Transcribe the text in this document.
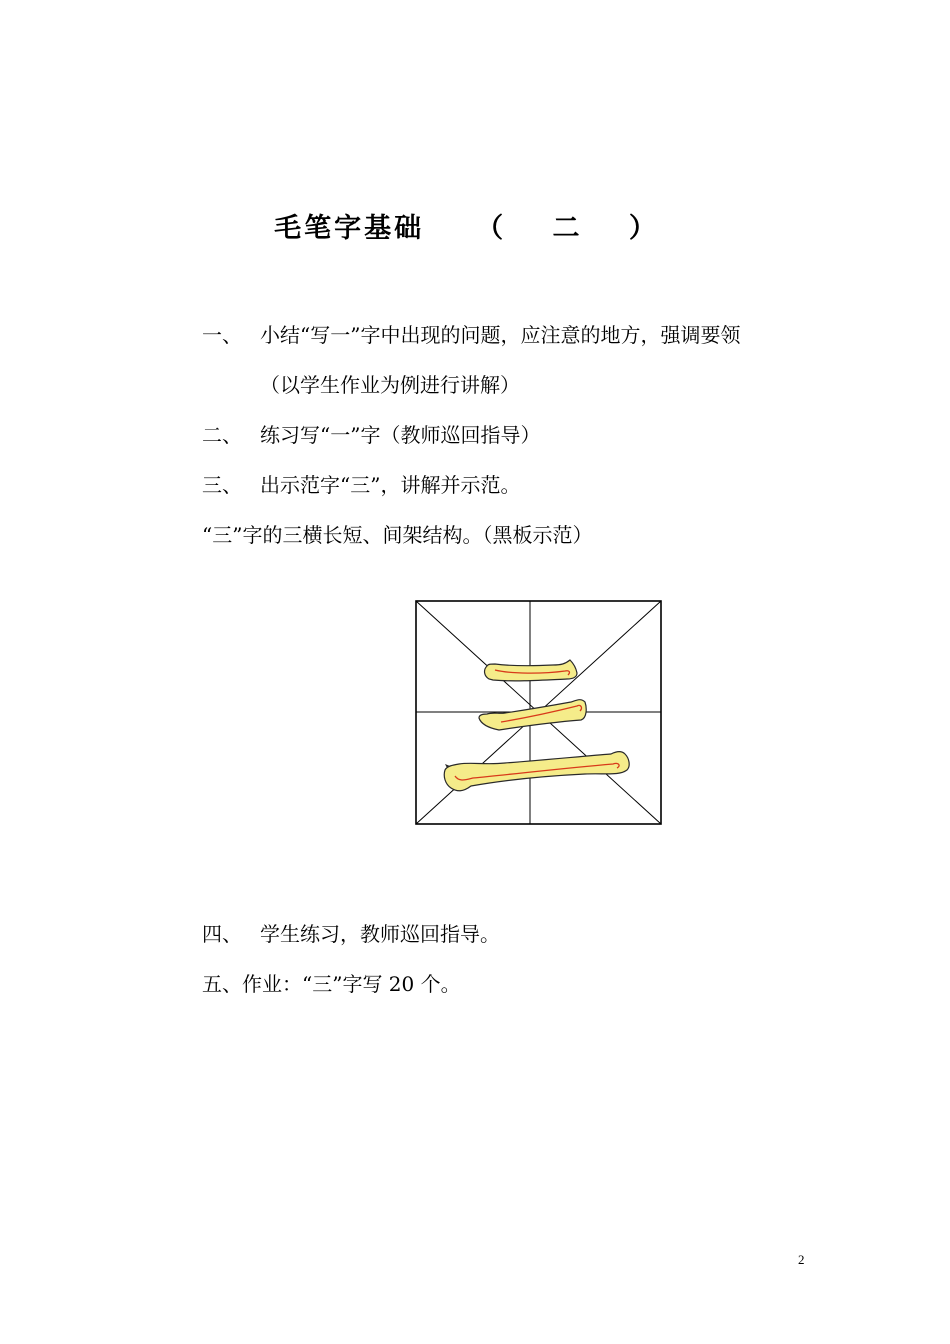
毛笔字基础 （ 二 ）
一、 小结“写一”字中出现的问题，应注意的地方，强调要领
（以学生作业为例进行讲解）
二、 练习写“一”字（教师巡回指导）
三、 出示范字“三”，讲解并示范。
“三”字的三横长短、间架结构。（黑板示范）
四、 学生练习，教师巡回指导。
五、作业：“三”字写 20 个。
2
